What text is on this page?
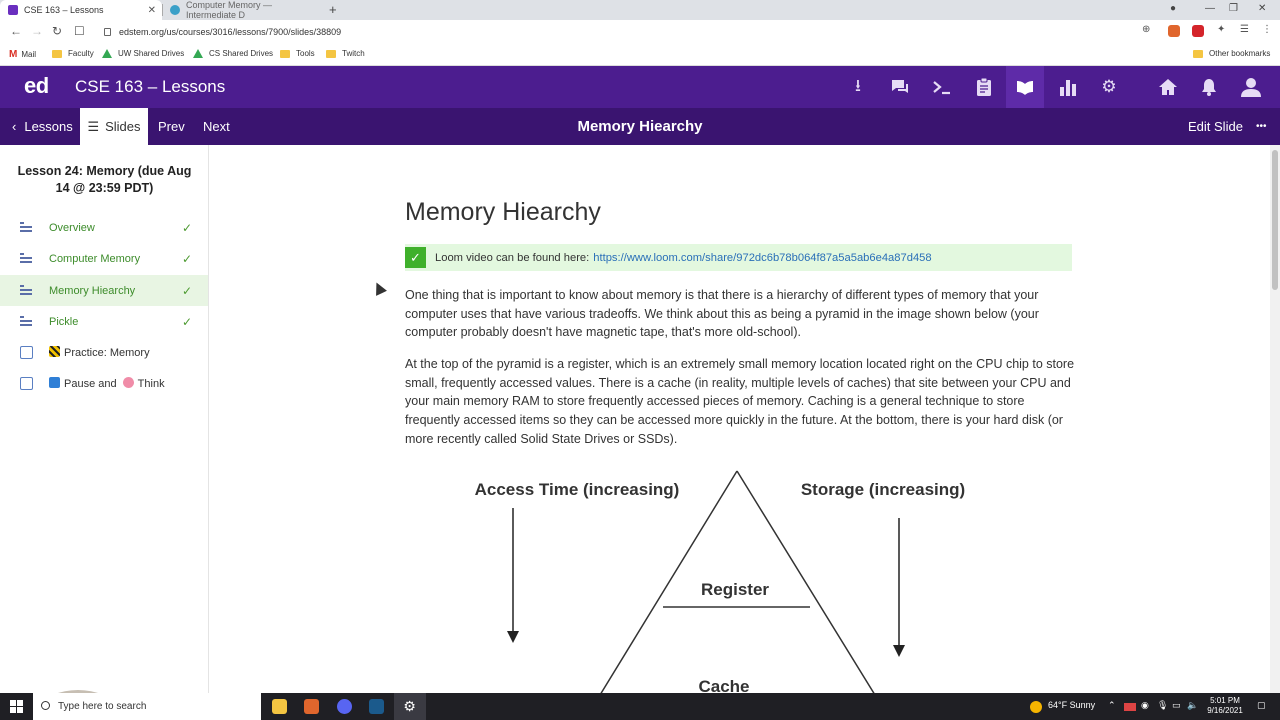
CSE 163 – Lessons	✕	Computer Memory — Intermediate D	+	●	— ❐ ✕
← → ↻ ☐	edstem.org/us/courses/3016/lessons/7900/slides/38809	⊕	✦ ☰ ⋮
M Mail	Faculty	UW Shared Drives	CS Shared Drives	Tools	Twitch	Other bookmarks
ed CSE 163 – Lessons	⭳	⚙
‹ Lessons ☰ Slides Prev Next	Memory Hiearchy	Edit Slide •••
Lesson 24: Memory (due Aug 14 @ 23:59 PDT)
Overview	✓
Computer Memory	✓
Memory Hiearchy	✓
Pickle	✓
Practice: Memory
Pause and Think
Memory Hiearchy
✓	Loom video can be found here: https://www.loom.com/share/972dc6b78b064f87a5a5ab6e4a87d458

One thing that is important to know about memory is that there is a hierarchy of different types of memory that your computer uses that have various tradeoffs. We think about this as being a pyramid in the image shown below (your computer probably doesn't have magnetic tape, that's more old-school).

At the top of the pyramid is a register, which is an extremely small memory location located right on the CPU chip to store small, frequently accessed values. There is a cache (in reality, multiple levels of caches) that site between your CPU and your main memory RAM to store frequently accessed pieces of memory. Caching is a general technique to store frequently accessed items so they can be accessed more quickly in the future. At the bottom, there is your hard disk (or more recently called Solid State Drives or SSDs).

Access Time (increasing)	Storage (increasing)
Register
Cache
Type here to search	⚙	64°F Sunny ⌃	◉ 🎙 ▭ 🔈	5:01 PM
9/16/2021
▢
